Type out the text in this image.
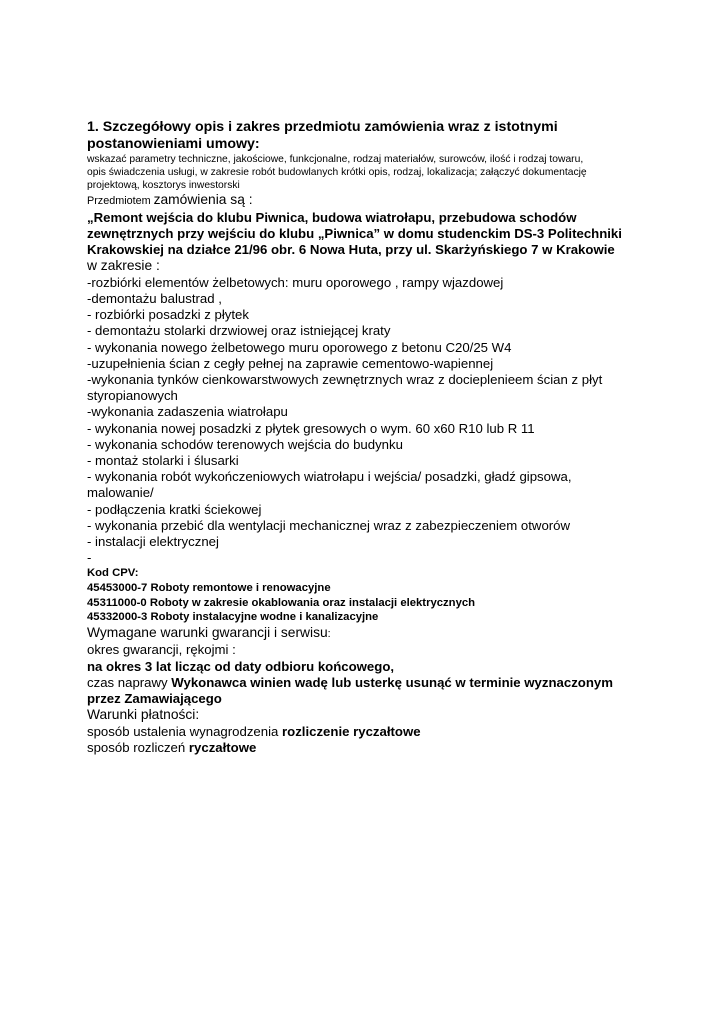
1. Szczegółowy opis i zakres przedmiotu zamówienia wraz z istotnymi
postanowieniami umowy:
wskazać parametry techniczne, jakościowe, funkcjonalne, rodzaj materiałów, surowców, ilość i rodzaj towaru,
opis świadczenia usługi, w zakresie robót budowlanych krótki opis, rodzaj, lokalizacja; załączyć dokumentację
projektową, kosztorys inwestorski
Przedmiotem zamówienia są :
„Remont wejścia do klubu Piwnica, budowa wiatrołapu, przebudowa schodów
zewnętrznych przy wejściu do klubu „Piwnica” w domu studenckim DS-3 Politechniki
Krakowskiej na działce 21/96 obr. 6 Nowa Huta, przy ul. Skarżyńskiego 7 w Krakowie
w zakresie :
-rozbiórki elementów żelbetowych: muru oporowego , rampy wjazdowej
-demontażu balustrad ,
- rozbiórki posadzki z płytek
- demontażu stolarki drzwiowej oraz istniejącej kraty
- wykonania nowego żelbetowego muru oporowego z betonu C20/25 W4
-uzupełnienia ścian z cegły pełnej na zaprawie cementowo-wapiennej
-wykonania tynków cienkowarstwowych zewnętrznych wraz z docieplenieem ścian z płyt
styropianowych
-wykonania zadaszenia wiatrołapu
- wykonania nowej posadzki z płytek gresowych o wym. 60 x60 R10 lub R 11
- wykonania schodów terenowych wejścia do budynku
- montaż stolarki i ślusarki
- wykonania robót wykończeniowych wiatrołapu i wejścia/ posadzki, gładź gipsowa,
malowanie/
- podłączenia kratki ściekowej
- wykonania przebić dla wentylacji mechanicznej wraz z zabezpieczeniem otworów
- instalacji elektrycznej
-
Kod CPV:
45453000-7 Roboty remontowe i renowacyjne
45311000-0 Roboty w zakresie okablowania oraz instalacji elektrycznych
45332000-3 Roboty instalacyjne wodne i kanalizacyjne
Wymagane warunki gwarancji i serwisu:
okres gwarancji, rękojmi :
na okres 3 lat licząc od daty odbioru końcowego,
czas naprawy Wykonawca winien wadę lub usterkę usunąć w terminie wyznaczonym
przez Zamawiającego
Warunki płatności:
sposób ustalenia wynagrodzenia rozliczenie ryczałtowe
sposób rozliczeń ryczałtowe
